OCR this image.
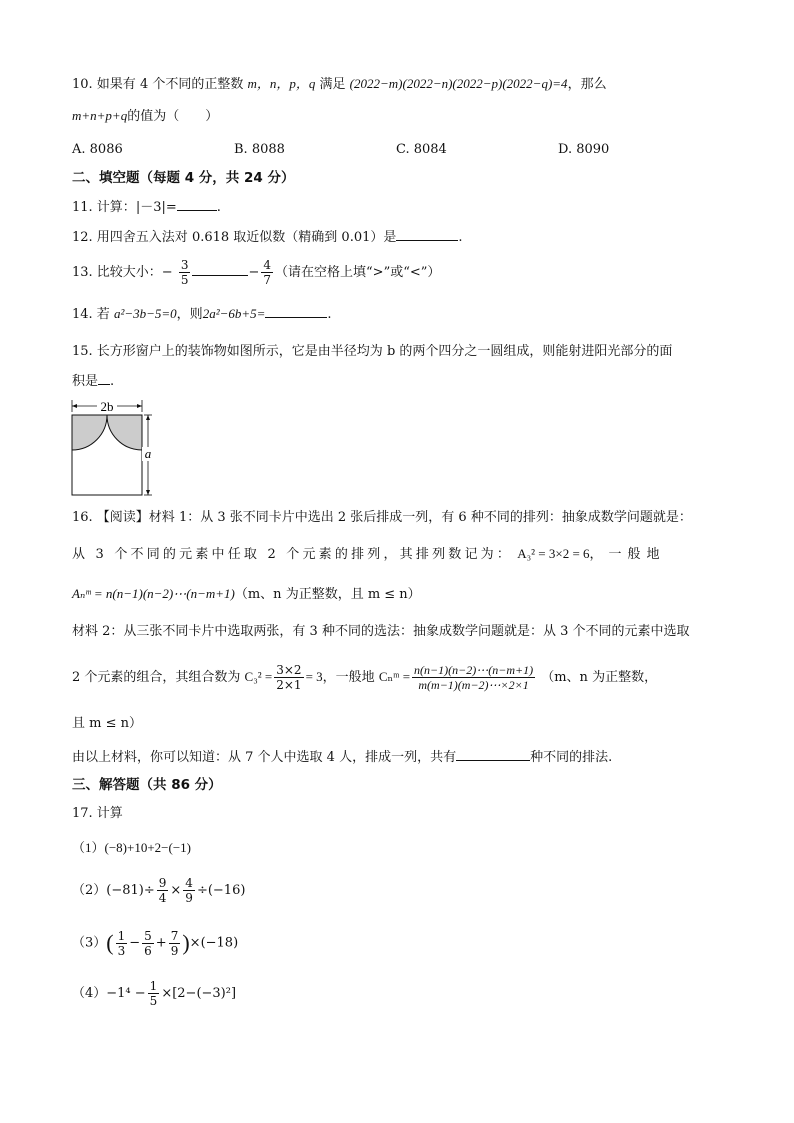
10. 如果有 4 个不同的正整数 m，n，p，q 满足 (2022−m)(2022−n)(2022−p)(2022−q)=4，那么
m+n+p+q的值为（　　）
A. 8086	B. 8088	C. 8084	D. 8090
二、填空题（每题 4 分，共 24 分）
11. 计算：|－3|=	.
12. 用四舍五入法对 0.618 取近似数（精确到 0.01）是	.
13. 比较大小：− $\frac{3}{5}$	− $\frac{4}{7}$ （请在空格上填“>”或“<”）
14. 若 a²−3b−5=0，则2a²−6b+5=	.
15. 长方形窗户上的装饰物如图所示，它是由半径均为 b 的两个四分之一圆组成，则能射进阳光部分的面
积是 .
2b
a
16. 【阅读】材料 1：从 3 张不同卡片中选出 2 张后排成一列，有 6 种不同的排列：抽象成数学问题就是：
从 3 个不同的元素中任取 2 个元素的排列，其排列数记为： A₃² = 3×2 = 6，一般地
Aₙᵐ = n(n−1)(n−2)⋯(n−m+1)（m、n 为正整数，且 m ≤ n）
材料 2：从三张不同卡片中选取两张，有 3 种不同的选法：抽象成数学问题就是：从 3 个不同的元素中选取
2 个元素的组合，其组合数为 $C_3^2 = \frac{3\times 2}{2\times 1} = 3$，一般地 Cₙᵐ = $\frac{n(n-1)(n-2)\cdots(n-m+1)}{m(m-1)(m-2)\cdots\times 2\times 1} (m$、n 为正整数，
且 m ≤ n）
由以上材料，你可以知道：从 7 个人中选取 4 人，排成一列，共有	种不同的排法.
三、解答题（共 86 分）
17. 计算
（1）(−8)+10+2−(−1)
$(2)(-81)\div \frac{9}{4} \times \frac{4}{9} \div(-16)$
$(3)( \frac{1}{3} - \frac{5}{6} + \frac{7}{9} )\times(-18)$
$(4)-1^4 - \frac{1}{5} \times[2-(-3)^2]$
